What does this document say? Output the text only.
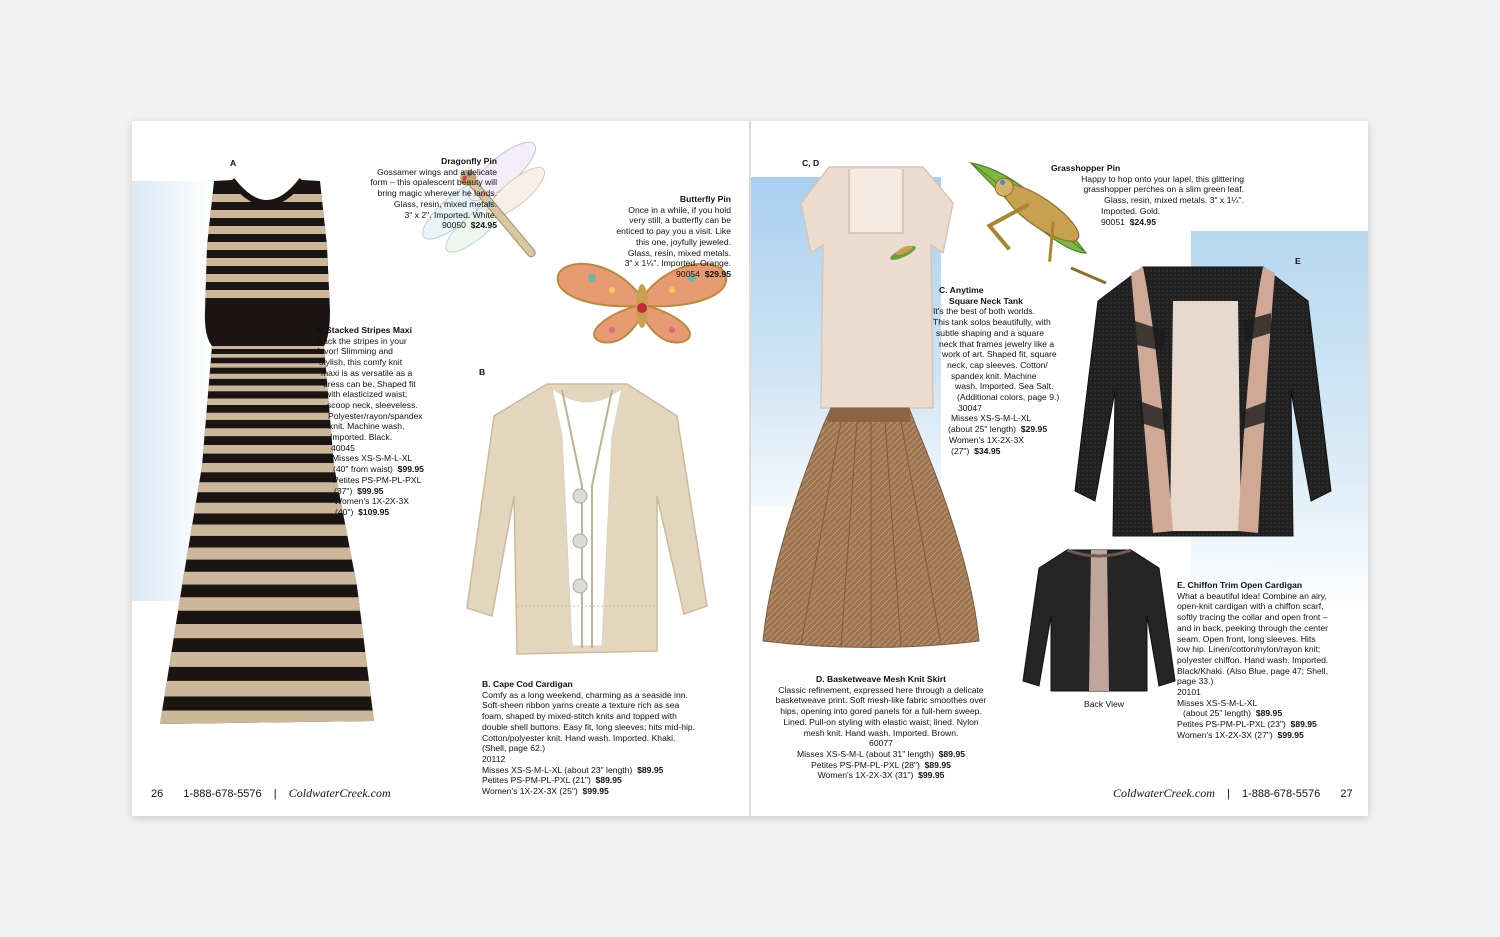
A	Dragonfly Pin
Gossamer wings and a delicate
form – this opalescent beauty will
bring magic wherever he lands.
Glass, resin, mixed metals.
3" x 2". Imported. White.
90050 $24.95
Butterfly Pin
Once in a while, if you hold
very still, a butterfly can be
enticed to pay you a visit. Like
this one, joyfully jeweled.
Glass, resin, mixed metals.
3" x 1¼". Imported. Orange.
90054 $29.95
A. Stacked Stripes Maxi
Stack the stripes in your
favor! Slimming and
stylish, this comfy knit
maxi is as versatile as a
dress can be. Shaped fit
with elasticized waist;
scoop neck, sleeveless.
Polyester/rayon/spandex
knit. Machine wash.
Imported. Black.
40045
Misses XS-S-M-L-XL
(40" from waist) $99.95
Petites PS-PM-PL-PXL
(37") $99.95
Women's 1X-2X-3X
(40") $109.95
B
B. Cape Cod Cardigan
Comfy as a long weekend, charming as a seaside inn.
Soft-sheen ribbon yarns create a texture rich as sea
foam, shaped by mixed-stitch knits and topped with
double shell buttons. Easy fit, long sleeves; hits mid-hip.
Cotton/polyester knit. Hand wash. Imported. Khaki.
(Shell, page 62.)
20112
Misses XS-S-M-L-XL (about 23" length) $89.95
Petites PS-PM-PL-PXL (21") $89.95
Women's 1X-2X-3X (25") $99.95
26 1-888-678-5576 | ColdwaterCreek.com
C, D	Grasshopper Pin
Happy to hop onto your lapel, this glittering
grasshopper perches on a slim green leaf.
Glass, resin, mixed metals. 3" x 1¼".
Imported. Gold.
90051 $24.95
C. Anytime
Square Neck Tank
It's the best of both worlds.
This tank solos beautifully, with
subtle shaping and a square
neck that frames jewelry like a
work of art. Shaped fit, square
neck, cap sleeves. Cotton/
spandex knit. Machine
wash. Imported. Sea Salt.
(Additional colors, page 9.)
30047
Misses XS-S-M-L-XL
(about 25" length) $29.95
Women's 1X-2X-3X
(27") $34.95
D. Basketweave Mesh Knit Skirt
Classic refinement, expressed here through a delicate
basketweave print. Soft mesh-like fabric smoothes over
hips, opening into gored panels for a full-hem sweep.
Lined. Pull-on styling with elastic waist; lined. Nylon
mesh knit. Hand wash. Imported. Brown.
60077
Misses XS-S-M-L (about 31" length) $89.95
Petites PS-PM-PL-PXL (28") $89.95
Women's 1X-2X-3X (31") $99.95
E
Back View
E. Chiffon Trim Open Cardigan
What a beautiful idea! Combine an airy,
open-knit cardigan with a chiffon scarf,
softly tracing the collar and open front –
and in back, peeking through the center
seam. Open front, long sleeves. Hits
low hip. Linen/cotton/nylon/rayon knit;
polyester chiffon. Hand wash. Imported.
Black/Khaki. (Also Blue, page 47; Shell,
page 33.)
20101
Misses XS-S-M-L-XL
(about 25" length) $89.95
Petites PS-PM-PL-PXL (23") $89.95
Women's 1X-2X-3X (27") $99.95
ColdwaterCreek.com | 1-888-678-5576 27
